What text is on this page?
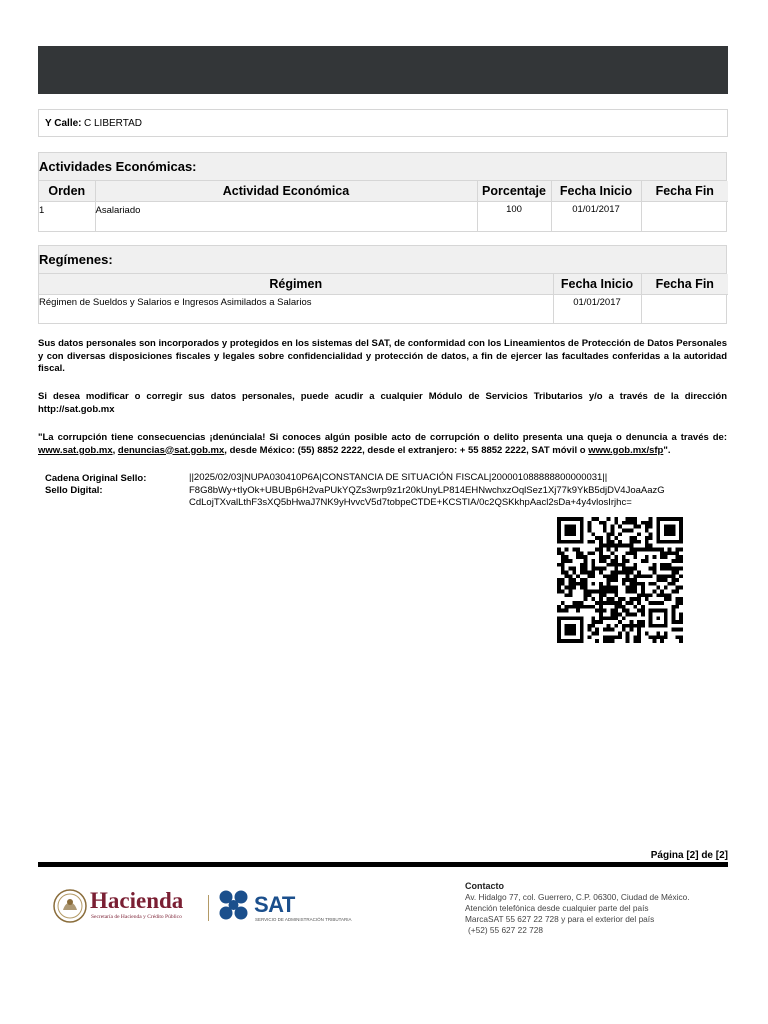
Y Calle: C LIBERTAD
Actividades Económicas:
Orden	Actividad Económica	Porcentaje	Fecha Inicio	Fecha Fin
1	Asalariado	100	01/01/2017	
Regímenes:
Régimen	Fecha Inicio	Fecha Fin
Régimen de Sueldos y Salarios e Ingresos Asimilados a Salarios	01/01/2017	
Sus datos personales son incorporados y protegidos en los sistemas del SAT, de conformidad con los Lineamientos de Protección de Datos Personales y con diversas disposiciones fiscales y legales sobre confidencialidad y protección de datos, a fin de ejercer las facultades conferidas a la autoridad fiscal.
Si desea modificar o corregir sus datos personales, puede acudir a cualquier Módulo de Servicios Tributarios y/o a través de la dirección http://sat.gob.mx
"La corrupción tiene consecuencias ¡denúnciala! Si conoces algún posible acto de corrupción o delito presenta una queja o denuncia a través de: www.sat.gob.mx, denuncias@sat.gob.mx, desde México: (55) 8852 2222, desde el extranjero: + 55 8852 2222, SAT móvil o www.gob.mx/sfp".
Cadena Original Sello:	||2025/02/03|NUPA030410P6A|CONSTANCIA DE SITUACIÓN FISCAL|200001088888800000031||
Sello Digital:	F8G8bWy+tIyOk+UBUBp6H2vaPUkYQZs3wrp9z1r20kUnyLP814EHNwchxzOqlSez1Xj77k9YkB5djDV4JoaAazG
CdLojTXvalLthF3sXQ5bHwaJ7NK9yHvvcV5d7tobpeCTDE+KCSTIA/0c2QSKkhpAacl2sDa+4y4vlosIrjhc=
Página [2] de [2]
Hacienda
Secretaría de Hacienda y Crédito Público	SAT
SERVICIO DE ADMINISTRACIÓN TRIBUTARIA
Contacto
Av. Hidalgo 77, col. Guerrero, C.P. 06300, Ciudad de México.
Atención telefónica desde cualquier parte del país
MarcaSAT 55 627 22 728 y para el exterior del país
(+52) 55 627 22 728
